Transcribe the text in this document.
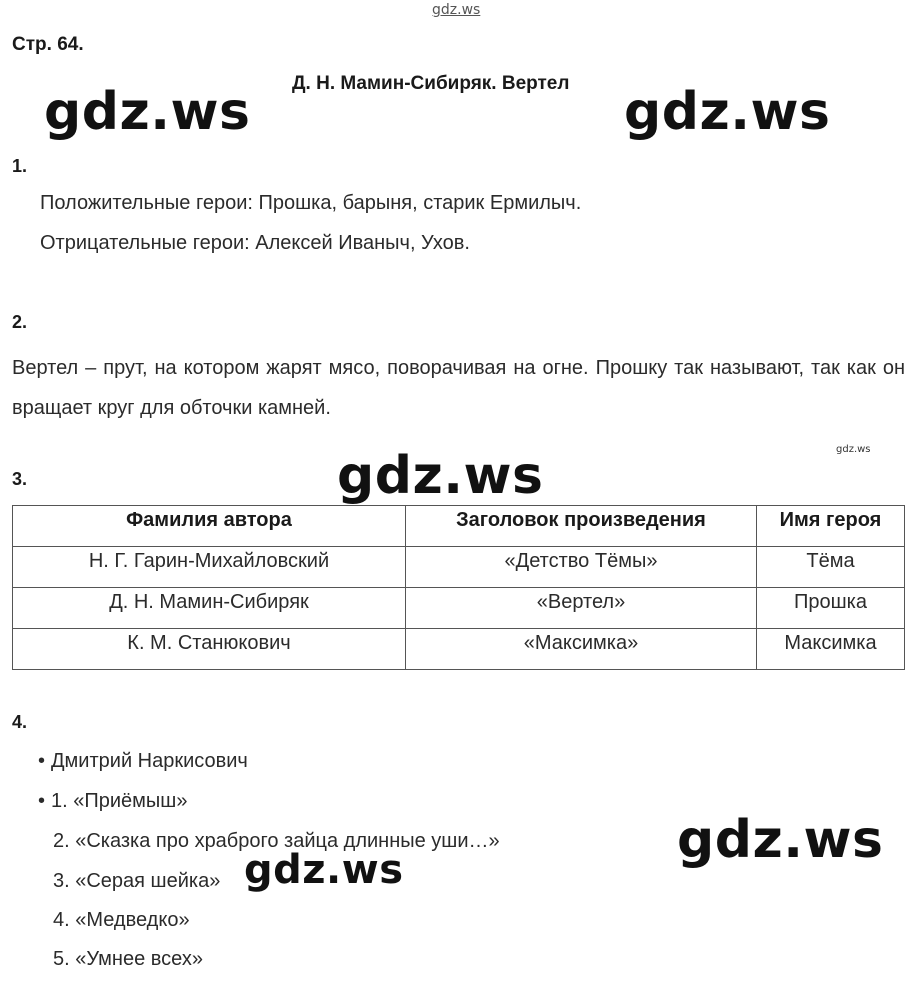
gdz.ws
gdz.ws	gdz.ws
gdz.ws	gdz.ws
gdz.ws
gdz.ws
Стр. 64.
Д. Н. Мамин-Сибиряк. Вертел
1.
Положительные герои: Прошка, барыня, старик Ермилыч.
Отрицательные герои: Алексей Иваныч, Ухов.
2.
Вертел – прут, на котором жарят мясо, поворачивая на огне. Прошку так называют, так как он вращает круг для обточки камней.
3.
Фамилия автора	Заголовок произведения	Имя героя
Н. Г. Гарин-Михайловский	«Детство Тёмы»	Тёма
Д. Н. Мамин-Сибиряк	«Вертел»	Прошка
К. М. Станюкович	«Максимка»	Максимка
4.
• Дмитрий Наркисович
• 1. «Приёмыш»
2. «Сказка про храброго зайца длинные уши…»
3. «Серая шейка»
4. «Медведко»
5. «Умнее всех»
